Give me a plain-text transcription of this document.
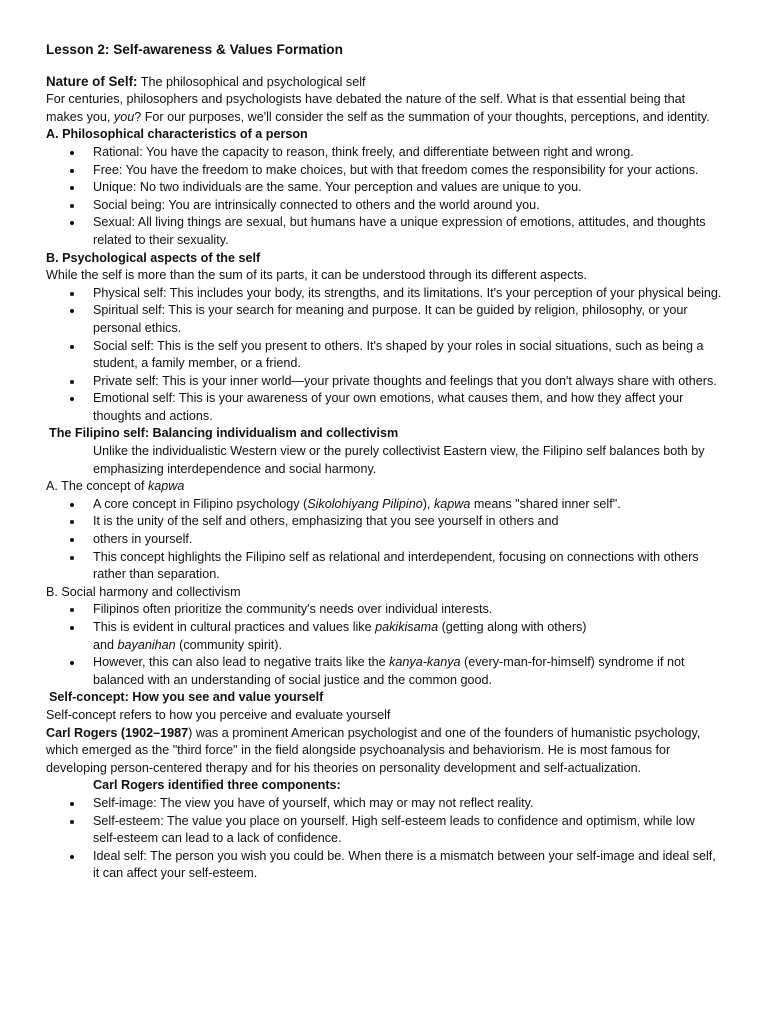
Lesson 2: Self-awareness & Values Formation

Nature of Self: The philosophical and psychological self

For centuries, philosophers and psychologists have debated the nature of the self. What is that essential being that makes you, you? For our purposes, we'll consider the self as the summation of your thoughts, perceptions, and identity.

A. Philosophical characteristics of a person

Rational: You have the capacity to reason, think freely, and differentiate between right and wrong.
Free: You have the freedom to make choices, but with that freedom comes the responsibility for your actions.
Unique: No two individuals are the same. Your perception and values are unique to you.
Social being: You are intrinsically connected to others and the world around you.
Sexual: All living things are sexual, but humans have a unique expression of emotions, attitudes, and thoughts related to their sexuality.

B. Psychological aspects of the self

While the self is more than the sum of its parts, it can be understood through its different aspects.

Physical self: This includes your body, its strengths, and its limitations. It's your perception of your physical being.
Spiritual self: This is your search for meaning and purpose. It can be guided by religion, philosophy, or your personal ethics.
Social self: This is the self you present to others. It's shaped by your roles in social situations, such as being a student, a family member, or a friend.
Private self: This is your inner world—your private thoughts and feelings that you don't always share with others.
Emotional self: This is your awareness of your own emotions, what causes them, and how they affect your thoughts and actions.

The Filipino self: Balancing individualism and collectivism

Unlike the individualistic Western view or the purely collectivist Eastern view, the Filipino self balances both by emphasizing interdependence and social harmony.

A. The concept of kapwa

A core concept in Filipino psychology (Sikolohiyang Pilipino), kapwa means "shared inner self".
It is the unity of the self and others, emphasizing that you see yourself in others and
others in yourself.
This concept highlights the Filipino self as relational and interdependent, focusing on connections with others rather than separation.

B. Social harmony and collectivism

Filipinos often prioritize the community's needs over individual interests.
This is evident in cultural practices and values like pakikisama (getting along with others)
and bayanihan (community spirit).
However, this can also lead to negative traits like the kanya-kanya (every-man-for-himself) syndrome if not balanced with an understanding of social justice and the common good.

Self-concept: How you see and value yourself

Self-concept refers to how you perceive and evaluate yourself

Carl Rogers (1902–1987) was a prominent American psychologist and one of the founders of humanistic psychology, which emerged as the "third force" in the field alongside psychoanalysis and behaviorism. He is most famous for developing person-centered therapy and for his theories on personality development and self-actualization.

Carl Rogers identified three components:

Self-image: The view you have of yourself, which may or may not reflect reality.
Self-esteem: The value you place on yourself. High self-esteem leads to confidence and optimism, while low self-esteem can lead to a lack of confidence.
Ideal self: The person you wish you could be. When there is a mismatch between your self-image and ideal self, it can affect your self-esteem.
